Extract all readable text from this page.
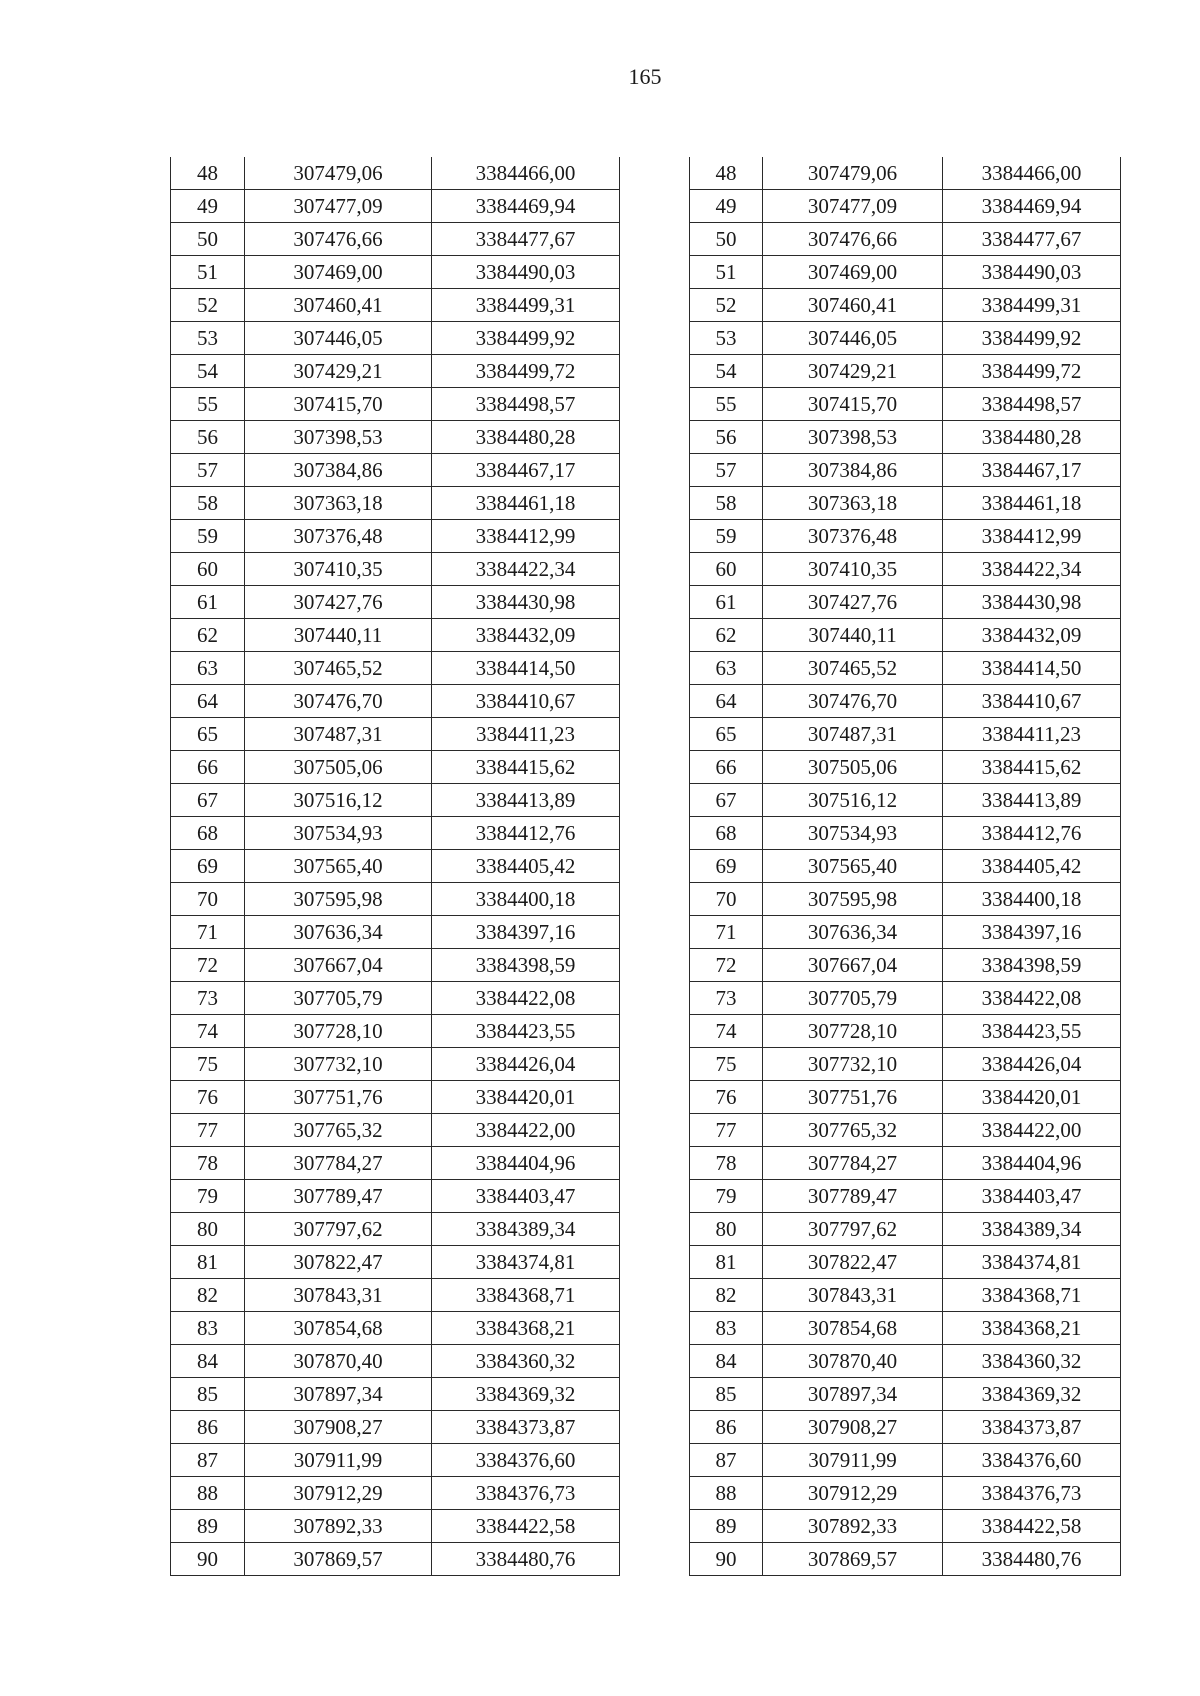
165
48	307479,06	3384466,00
49	307477,09	3384469,94
50	307476,66	3384477,67
51	307469,00	3384490,03
52	307460,41	3384499,31
53	307446,05	3384499,92
54	307429,21	3384499,72
55	307415,70	3384498,57
56	307398,53	3384480,28
57	307384,86	3384467,17
58	307363,18	3384461,18
59	307376,48	3384412,99
60	307410,35	3384422,34
61	307427,76	3384430,98
62	307440,11	3384432,09
63	307465,52	3384414,50
64	307476,70	3384410,67
65	307487,31	3384411,23
66	307505,06	3384415,62
67	307516,12	3384413,89
68	307534,93	3384412,76
69	307565,40	3384405,42
70	307595,98	3384400,18
71	307636,34	3384397,16
72	307667,04	3384398,59
73	307705,79	3384422,08
74	307728,10	3384423,55
75	307732,10	3384426,04
76	307751,76	3384420,01
77	307765,32	3384422,00
78	307784,27	3384404,96
79	307789,47	3384403,47
80	307797,62	3384389,34
81	307822,47	3384374,81
82	307843,31	3384368,71
83	307854,68	3384368,21
84	307870,40	3384360,32
85	307897,34	3384369,32
86	307908,27	3384373,87
87	307911,99	3384376,60
88	307912,29	3384376,73
89	307892,33	3384422,58
90	307869,57	3384480,76
48	307479,06	3384466,00
49	307477,09	3384469,94
50	307476,66	3384477,67
51	307469,00	3384490,03
52	307460,41	3384499,31
53	307446,05	3384499,92
54	307429,21	3384499,72
55	307415,70	3384498,57
56	307398,53	3384480,28
57	307384,86	3384467,17
58	307363,18	3384461,18
59	307376,48	3384412,99
60	307410,35	3384422,34
61	307427,76	3384430,98
62	307440,11	3384432,09
63	307465,52	3384414,50
64	307476,70	3384410,67
65	307487,31	3384411,23
66	307505,06	3384415,62
67	307516,12	3384413,89
68	307534,93	3384412,76
69	307565,40	3384405,42
70	307595,98	3384400,18
71	307636,34	3384397,16
72	307667,04	3384398,59
73	307705,79	3384422,08
74	307728,10	3384423,55
75	307732,10	3384426,04
76	307751,76	3384420,01
77	307765,32	3384422,00
78	307784,27	3384404,96
79	307789,47	3384403,47
80	307797,62	3384389,34
81	307822,47	3384374,81
82	307843,31	3384368,71
83	307854,68	3384368,21
84	307870,40	3384360,32
85	307897,34	3384369,32
86	307908,27	3384373,87
87	307911,99	3384376,60
88	307912,29	3384376,73
89	307892,33	3384422,58
90	307869,57	3384480,76
